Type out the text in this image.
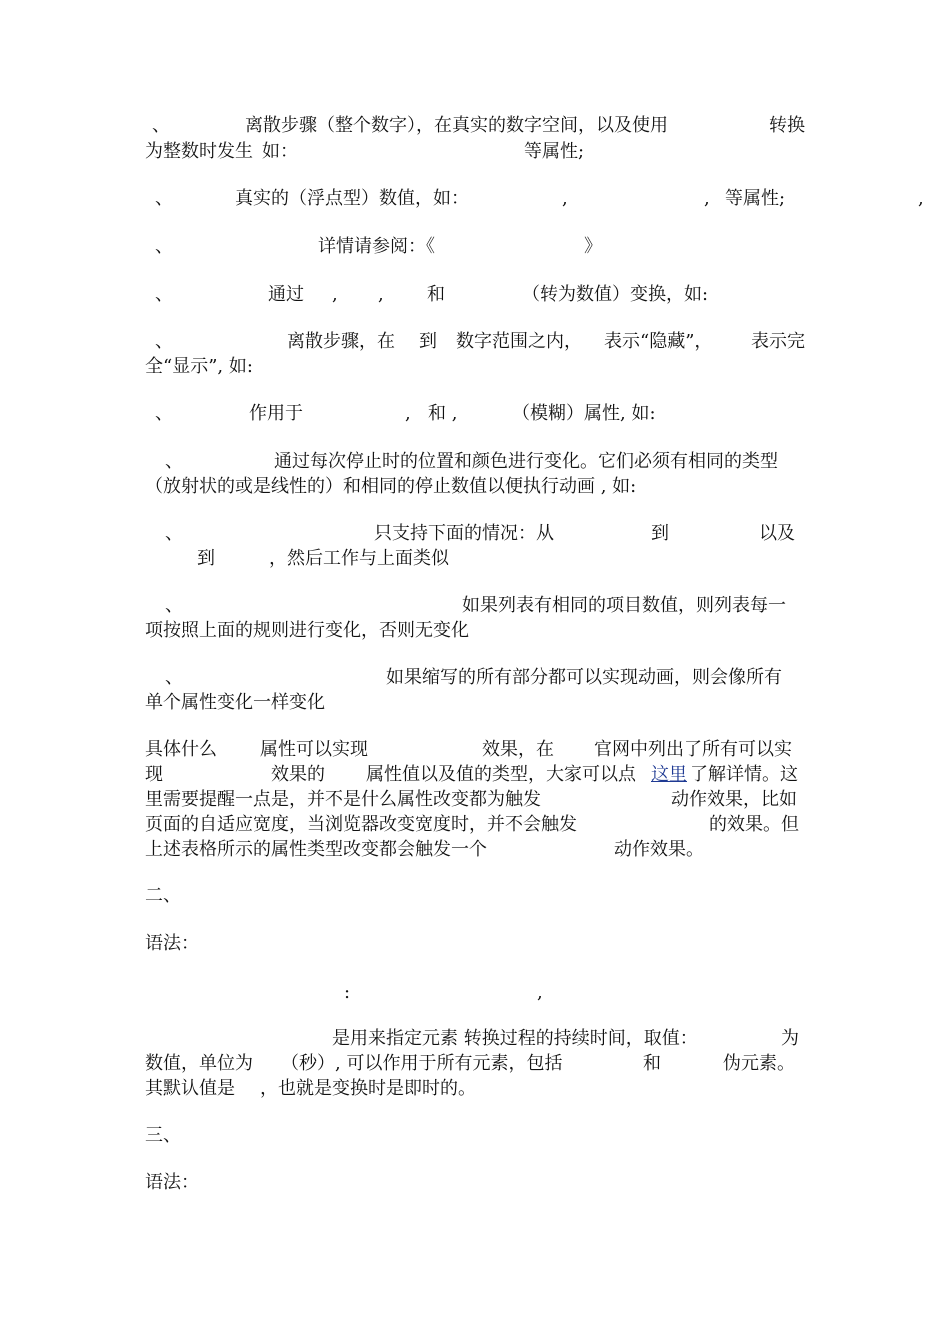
、	离散步骤（整个数字），在真实的数字空间，以及使用	转换
为整数时发生 如：	等属性;
、	真实的（浮点型）数值，如：	,	, 等属性;	,
、	详情请参阅：《	》
、	通过 , , 和	（转为数值）变换，如:
、	离散步骤，在 到 数字范围之内， 表示“隐藏”， 表示完
全“显示”, 如:
、	作用于	, 和 ,	（模糊）属性, 如:
、	通过每次停止时的位置和颜色进行变化。它们必须有相同的类型
（放射状的或是线性的）和相同的停止数值以便执行动画 , 如:
、	只支持下面的情况：从	到	以及
到	，然后工作与上面类似
、	如果列表有相同的项目数值，则列表每一
项按照上面的规则进行变化，否则无变化
、	如果缩写的所有部分都可以实现动画，则会像所有
单个属性变化一样变化
具体什么 属性可以实现	效果，在 官网中列出了所有可以实
现	效果的 属性值以及值的类型，大家可以点 这里 了解详情。这
里需要提醒一点是，并不是什么属性改变都为触发	动作效果，比如
页面的自适应宽度，当浏览器改变宽度时，并不会触发	的效果。但
上述表格所示的属性类型改变都会触发一个	动作效果。
二、
语法：
:	,
是用来指定元素 转换过程的持续时间，取值：	为
数值，单位为 （秒）, 可以作用于所有元素，包括	和	伪元素。
其默认值是 ，也就是变换时是即时的。
三、
语法：
